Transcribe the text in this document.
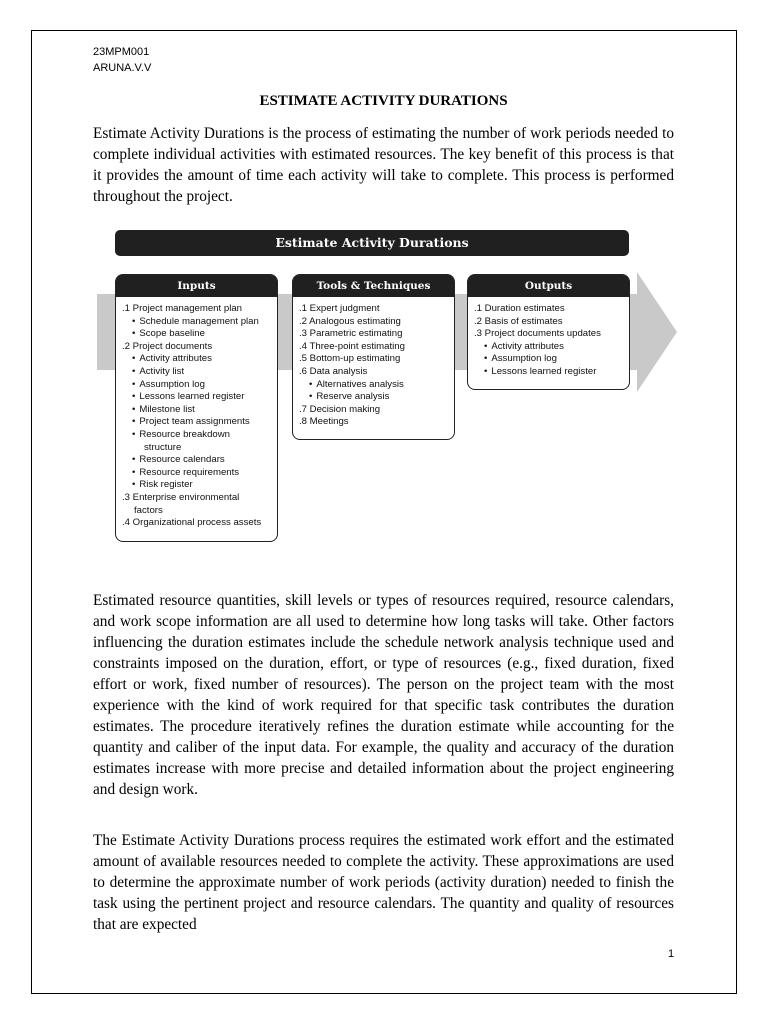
23MPM001
ARUNA.V.V
ESTIMATE ACTIVITY DURATIONS

Estimate Activity Durations is the process of estimating the number of work periods needed to complete individual activities with estimated resources. The key benefit of this process is that it provides the amount of time each activity will take to complete. This process is performed throughout the project.

Estimate Activity Durations
Inputs
.1 Project management plan
• Schedule management plan
• Scope baseline
.2 Project documents
• Activity attributes
• Activity list
• Assumption log
• Lessons learned register
• Milestone list
• Project team assignments
• Resource breakdown
structure
• Resource calendars
• Resource requirements
• Risk register
.3 Enterprise environmental
factors
.4 Organizational process assets
Tools & Techniques
.1 Expert judgment
.2 Analogous estimating
.3 Parametric estimating
.4 Three-point estimating
.5 Bottom-up estimating
.6 Data analysis
• Alternatives analysis
• Reserve analysis
.7 Decision making
.8 Meetings
Outputs
.1 Duration estimates
.2 Basis of estimates
.3 Project documents updates
• Activity attributes
• Assumption log
• Lessons learned register

Estimated resource quantities, skill levels or types of resources required, resource calendars, and work scope information are all used to determine how long tasks will take. Other factors influencing the duration estimates include the schedule network analysis technique used and constraints imposed on the duration, effort, or type of resources (e.g., fixed duration, fixed effort or work, fixed number of resources). The person on the project team with the most experience with the kind of work required for that specific task contributes the duration estimates. The procedure iteratively refines the duration estimate while accounting for the quantity and caliber of the input data. For example, the quality and accuracy of the duration estimates increase with more precise and detailed information about the project engineering and design work.

The Estimate Activity Durations process requires the estimated work effort and the estimated amount of available resources needed to complete the activity. These approximations are used to determine the approximate number of work periods (activity duration) needed to finish the task using the pertinent project and resource calendars. The quantity and quality of resources that are expected

1
